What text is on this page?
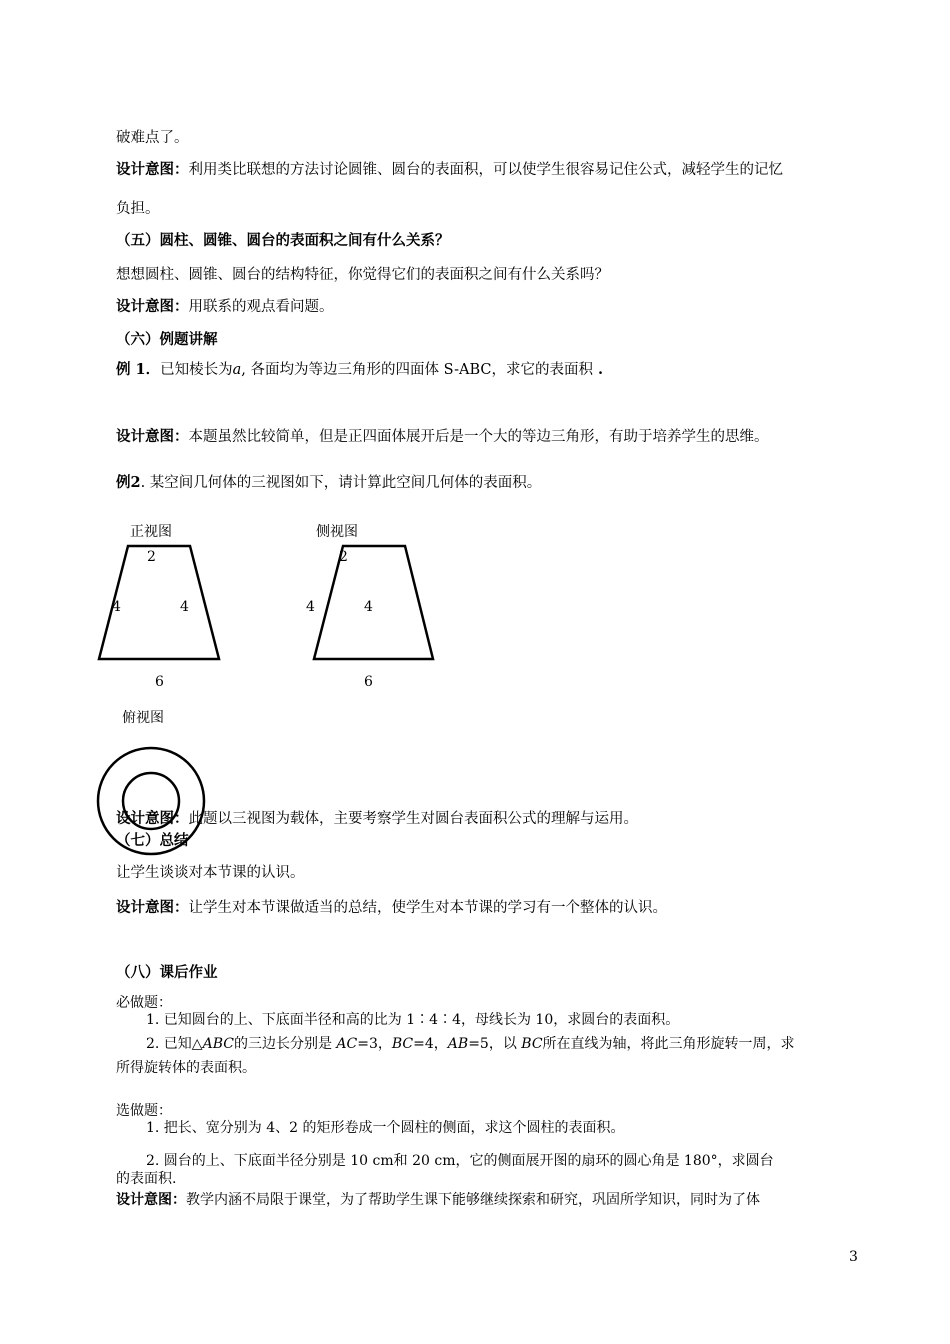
破难点了。
设计意图：利用类比联想的方法讨论圆锥、圆台的表面积，可以使学生很容易记住公式，减轻学生的记忆
负担。
（五）圆柱、圆锥、圆台的表面积之间有什么关系？
想想圆柱、圆锥、圆台的结构特征，你觉得它们的表面积之间有什么关系吗？
设计意图：用联系的观点看问题。
（六）例题讲解
例 1．已知棱长为a, 各面均为等边三角形的四面体 S-ABC，求它的表面积 .
设计意图：本题虽然比较简单，但是正四面体展开后是一个大的等边三角形，有助于培养学生的思维。
例2. 某空间几何体的三视图如下，请计算此空间几何体的表面积。
正视图	侧视图
2
4	4
6
2
4	4
6
俯视图
设计意图：此题以三视图为载体，主要考察学生对圆台表面积公式的理解与运用。
（七）总结
让学生谈谈对本节课的认识。
设计意图：让学生对本节课做适当的总结，使学生对本节课的学习有一个整体的认识。
（八）课后作业
必做题：
1. 已知圆台的上、下底面半径和高的比为 1∶4∶4，母线长为 10，求圆台的表面积。
2. 已知△ABC的三边长分别是 AC=3，BC=4，AB=5，以 BC所在直线为轴，将此三角形旋转一周，求
所得旋转体的表面积。
选做题：
1. 把长、宽分别为 4、2 的矩形卷成一个圆柱的侧面，求这个圆柱的表面积。
2. 圆台的上、下底面半径分别是 10 cm和 20 cm，它的侧面展开图的扇环的圆心角是 180°，求圆台
的表面积.
设计意图：教学内涵不局限于课堂，为了帮助学生课下能够继续探索和研究，巩固所学知识，同时为了体
3
